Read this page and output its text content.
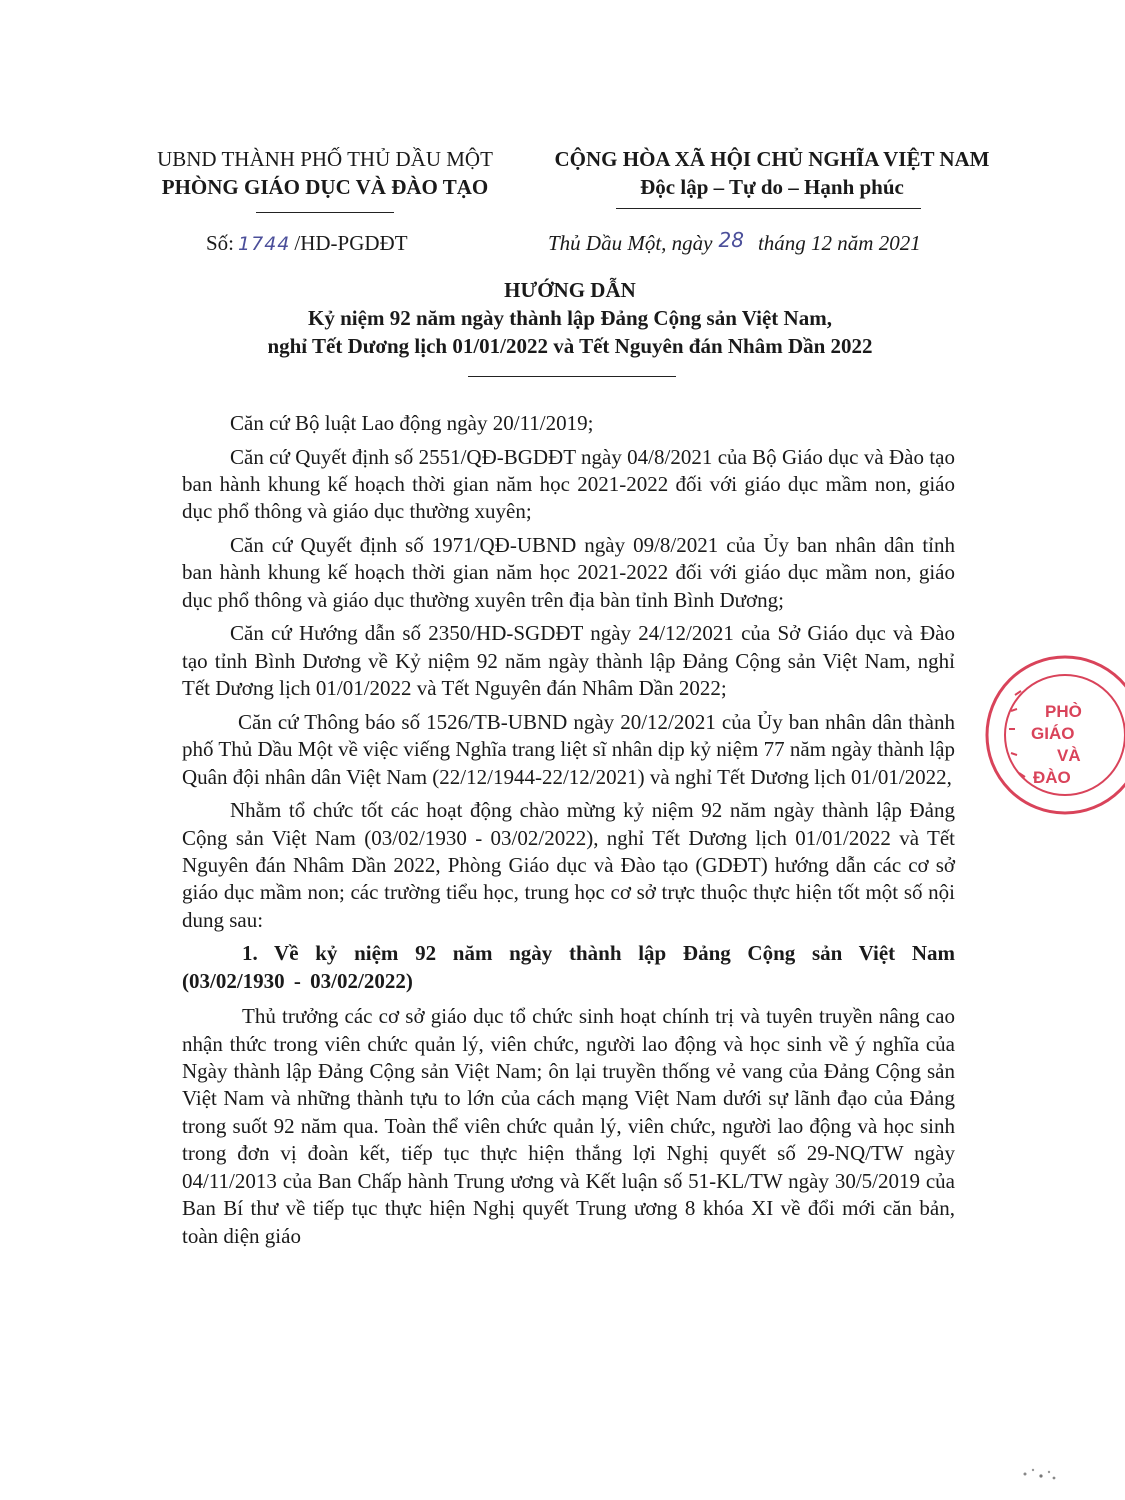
UBND THÀNH PHỐ THỦ DẦU MỘT
PHÒNG GIÁO DỤC VÀ ĐÀO TẠO
CỘNG HÒA XÃ HỘI CHỦ NGHĨA VIỆT NAM
Độc lập – Tự do – Hạnh phúc
Số: 1744 /HD-PGDĐT	Thủ Dầu Một, ngày 28 tháng 12 năm 2021
HƯỚNG DẪN
Kỷ niệm 92 năm ngày thành lập Đảng Cộng sản Việt Nam,
nghỉ Tết Dương lịch 01/01/2022 và Tết Nguyên đán Nhâm Dần 2022

Căn cứ Bộ luật Lao động ngày 20/11/2019;

Căn cứ Quyết định số 2551/QĐ-BGDĐT ngày 04/8/2021 của Bộ Giáo dục và Đào tạo ban hành khung kế hoạch thời gian năm học 2021-2022 đối với giáo dục mầm non, giáo dục phổ thông và giáo dục thường xuyên;

Căn cứ Quyết định số 1971/QĐ-UBND ngày 09/8/2021 của Ủy ban nhân dân tỉnh ban hành khung kế hoạch thời gian năm học 2021-2022 đối với giáo dục mầm non, giáo dục phổ thông và giáo dục thường xuyên trên địa bàn tỉnh Bình Dương;

Căn cứ Hướng dẫn số 2350/HD-SGDĐT ngày 24/12/2021 của Sở Giáo dục và Đào tạo tỉnh Bình Dương về Kỷ niệm 92 năm ngày thành lập Đảng Cộng sản Việt Nam, nghỉ Tết Dương lịch 01/01/2022 và Tết Nguyên đán Nhâm Dần 2022;

Căn cứ Thông báo số 1526/TB-UBND ngày 20/12/2021 của Ủy ban nhân dân thành phố Thủ Dầu Một về việc viếng Nghĩa trang liệt sĩ nhân dịp kỷ niệm 77 năm ngày thành lập Quân đội nhân dân Việt Nam (22/12/1944-22/12/2021) và nghỉ Tết Dương lịch 01/01/2022,

Nhằm tổ chức tốt các hoạt động chào mừng kỷ niệm 92 năm ngày thành lập Đảng Cộng sản Việt Nam (03/02/1930 - 03/02/2022), nghỉ Tết Dương lịch 01/01/2022 và Tết Nguyên đán Nhâm Dần 2022, Phòng Giáo dục và Đào tạo (GDĐT) hướng dẫn các cơ sở giáo dục mầm non; các trường tiểu học, trung học cơ sở trực thuộc thực hiện tốt một số nội dung sau:

1. Về kỷ niệm 92 năm ngày thành lập Đảng Cộng sản Việt Nam (03/02/1930 - 03/02/2022)

Thủ trưởng các cơ sở giáo dục tổ chức sinh hoạt chính trị và tuyên truyền nâng cao nhận thức trong viên chức quản lý, viên chức, người lao động và học sinh về ý nghĩa của Ngày thành lập Đảng Cộng sản Việt Nam; ôn lại truyền thống vẻ vang của Đảng Cộng sản Việt Nam và những thành tựu to lớn của cách mạng Việt Nam dưới sự lãnh đạo của Đảng trong suốt 92 năm qua. Toàn thể viên chức quản lý, viên chức, người lao động và học sinh trong đơn vị đoàn kết, tiếp tục thực hiện thắng lợi Nghị quyết số 29-NQ/TW ngày 04/11/2013 của Ban Chấp hành Trung ương và Kết luận số 51-KL/TW ngày 30/5/2019 của Ban Bí thư về tiếp tục thực hiện Nghị quyết Trung ương 8 khóa XI về đổi mới căn bản, toàn diện giáo

PHÒ
GIÁO
VÀ
ĐÀO
